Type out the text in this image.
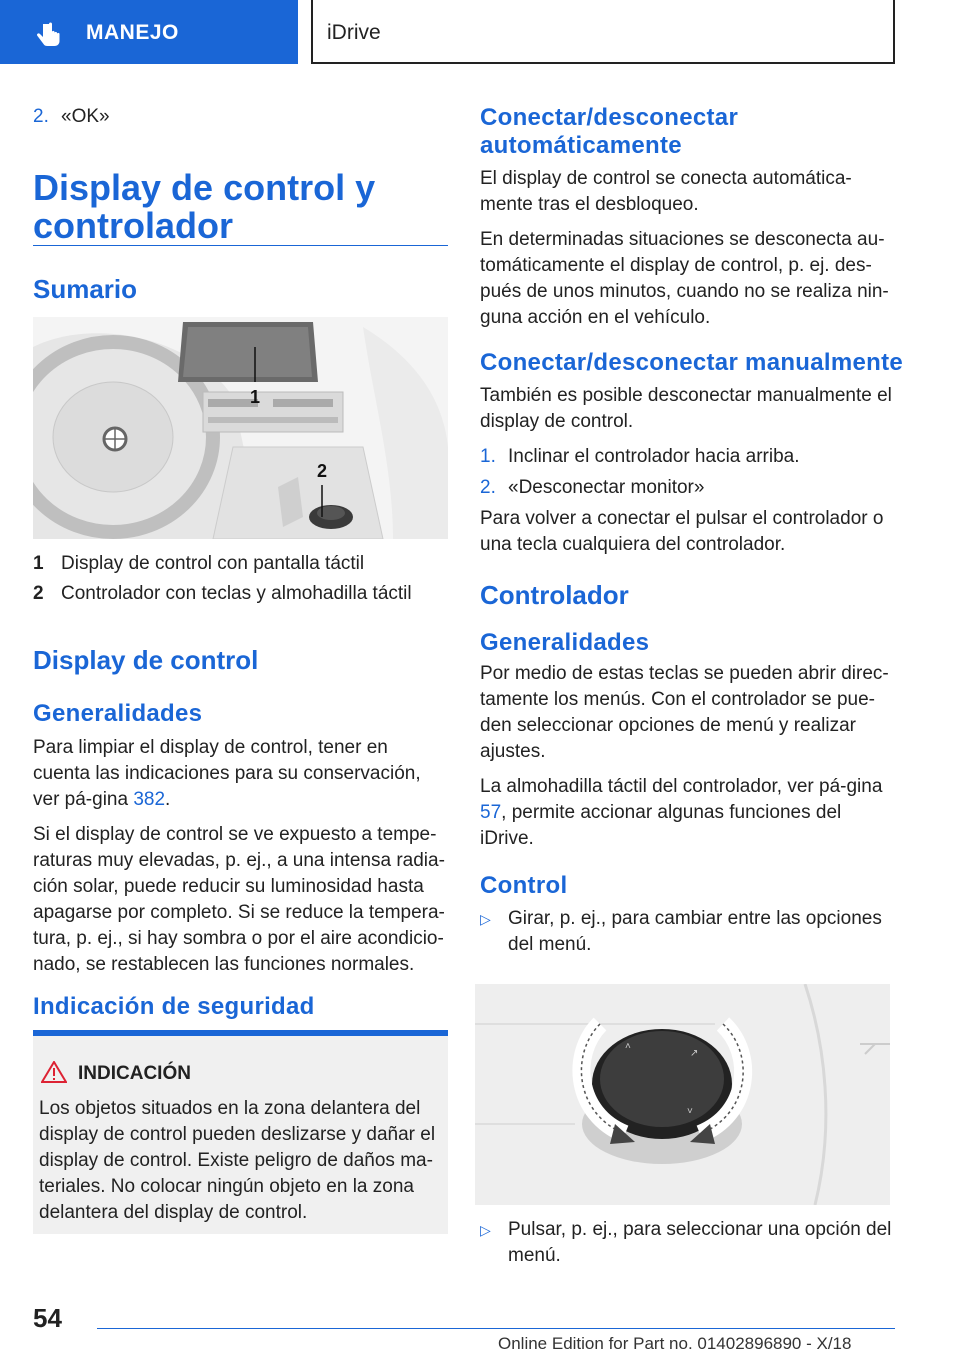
MANEJO	iDrive

2. «OK»

Display de control y
controlador
Sumario
1
2
1 Display de control con pantalla táctil
2 Controlador con teclas y almohadilla táctil
Display de control
Generalidades

Para limpiar el display de control, tener en cuenta las indicaciones para su conservación, ver pá-gina 382.

Si el display de control se ve expuesto a tempe-raturas muy elevadas, p. ej., a una intensa radia-ción solar, puede reducir su luminosidad hasta apagarse por completo. Si se reduce la tempera-tura, p. ej., si hay sombra o por el aire acondicio-nado, se restablecen las funciones normales.

Indicación de seguridad
INDICACIÓN
Los objetos situados en la zona delantera del display de control pueden deslizarse y dañar el display de control. Existe peligro de daños ma-teriales. No colocar ningún objeto en la zona delantera del display de control.
Conectar/desconectar automáticamente

El display de control se conecta automática-mente tras el desbloqueo.

En determinadas situaciones se desconecta au-tomáticamente el display de control, p. ej. des-pués de unos minutos, cuando no se realiza nin-guna acción en el vehículo.

Conectar/desconectar manualmente

También es posible desconectar manualmente el display de control.

1. Inclinar el controlador hacia arriba.

2. «Desconectar monitor»

Para volver a conectar el pulsar el controlador o una tecla cualquiera del controlador.

Controlador
Generalidades

Por medio de estas teclas se pueden abrir direc-tamente los menús. Con el controlador se pue-den seleccionar opciones de menú y realizar ajustes.

La almohadilla táctil del controlador, ver pá-gina 57, permite accionar algunas funciones del iDrive.

Control

▷ Girar, p. ej., para cambiar entre las opciones del menú.

˄
↗
˅

▷ Pulsar, p. ej., para seleccionar una opción del menú.

54
Online Edition for Part no. 01402896890 - X/18
